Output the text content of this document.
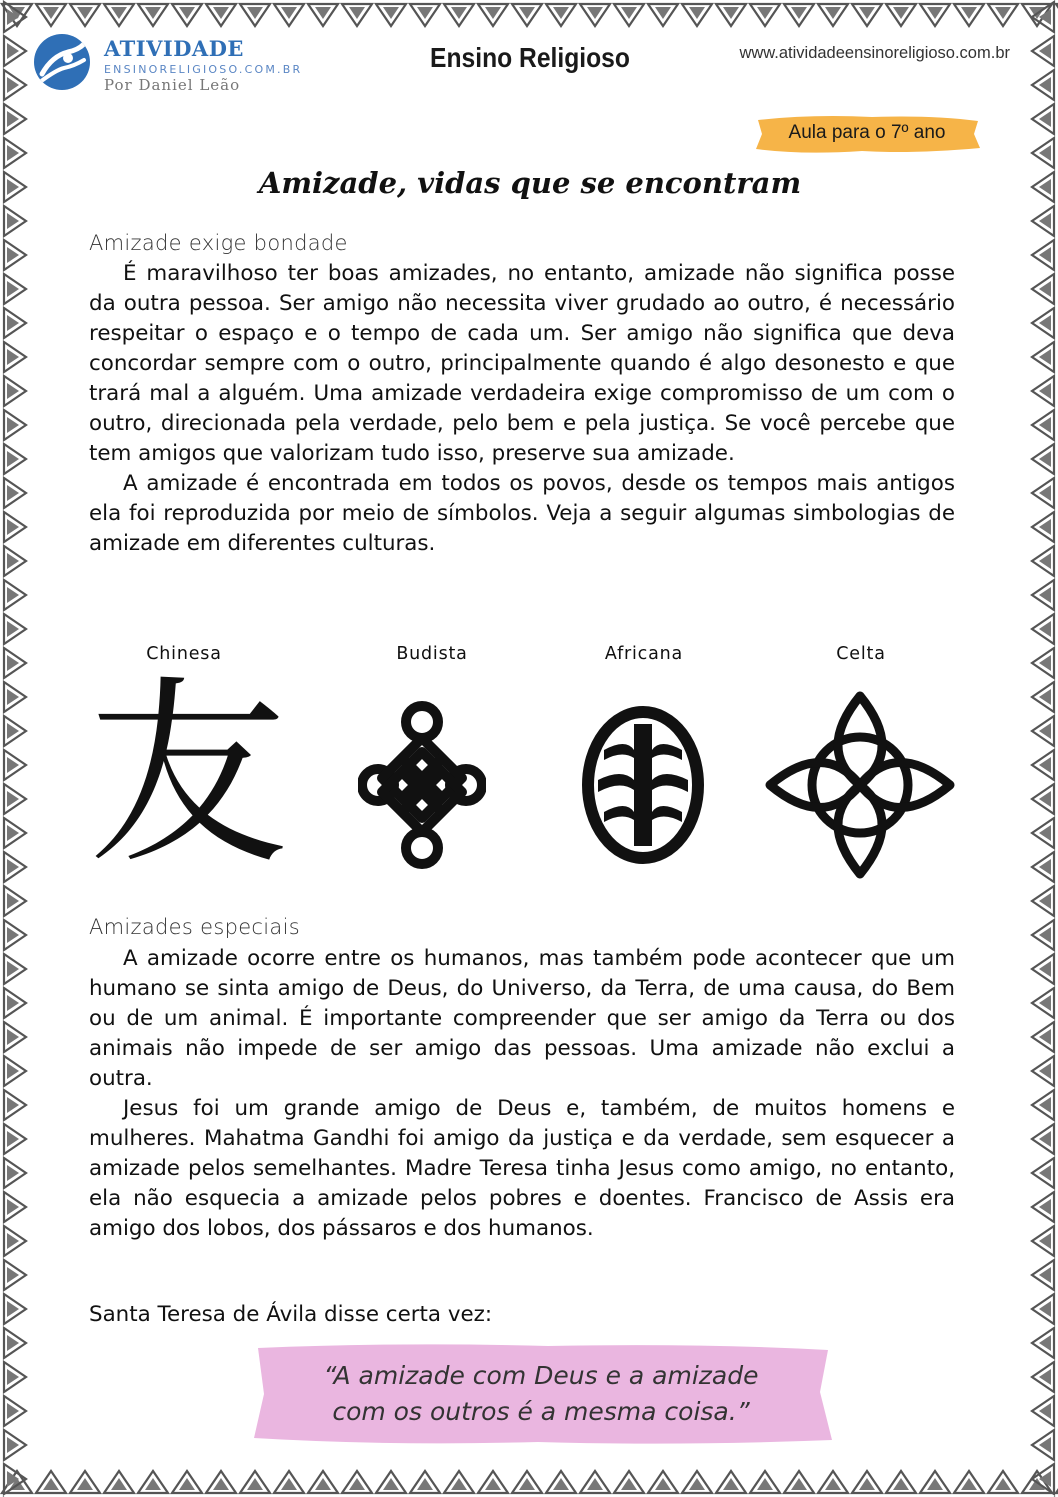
ATIVIDADE
ENSINORELIGIOSO.COM.BR
Por Daniel Leão
Ensino Religioso	www.atividadeensinoreligioso.com.br
Aula para o 7º ano
Amizade, vidas que se encontram
Amizade exige bondade

É maravilhoso ter boas amizades, no entanto, amizade não significa posse da outra pessoa. Ser amigo não necessita viver grudado ao outro, é necessário respeitar o espaço e o tempo de cada um. Ser amigo não significa que deva concordar sempre com o outro, principalmente quando é algo desonesto e que trará mal a alguém. Uma amizade verdadeira exige compromisso de um com o outro, direcionada pela verdade, pelo bem e pela justiça. Se você percebe que tem amigos que valorizam tudo isso, preserve sua amizade.

A amizade é encontrada em todos os povos, desde os tempos mais antigos ela foi reproduzida por meio de símbolos. Veja a seguir algumas simbologias de amizade em diferentes culturas.

Chinesa	Budista	Africana	Celta
友
Amizades especiais

A amizade ocorre entre os humanos, mas também pode acontecer que um humano se sinta amigo de Deus, do Universo, da Terra, de uma causa, do Bem ou de um animal. É importante compreender que ser amigo da Terra ou dos animais não impede de ser amigo das pessoas. Uma amizade não exclui a outra.

Jesus foi um grande amigo de Deus e, também, de muitos homens e mulheres. Mahatma Gandhi foi amigo da justiça e da verdade, sem esquecer a amizade pelos semelhantes. Madre Teresa tinha Jesus como amigo, no entanto, ela não esquecia a amizade pelos pobres e doentes. Francisco de Assis era amigo dos lobos, dos pássaros e dos humanos.

Santa Teresa de Ávila disse certa vez:
“A amizade com Deus e a amizade
com os outros é a mesma coisa.”
